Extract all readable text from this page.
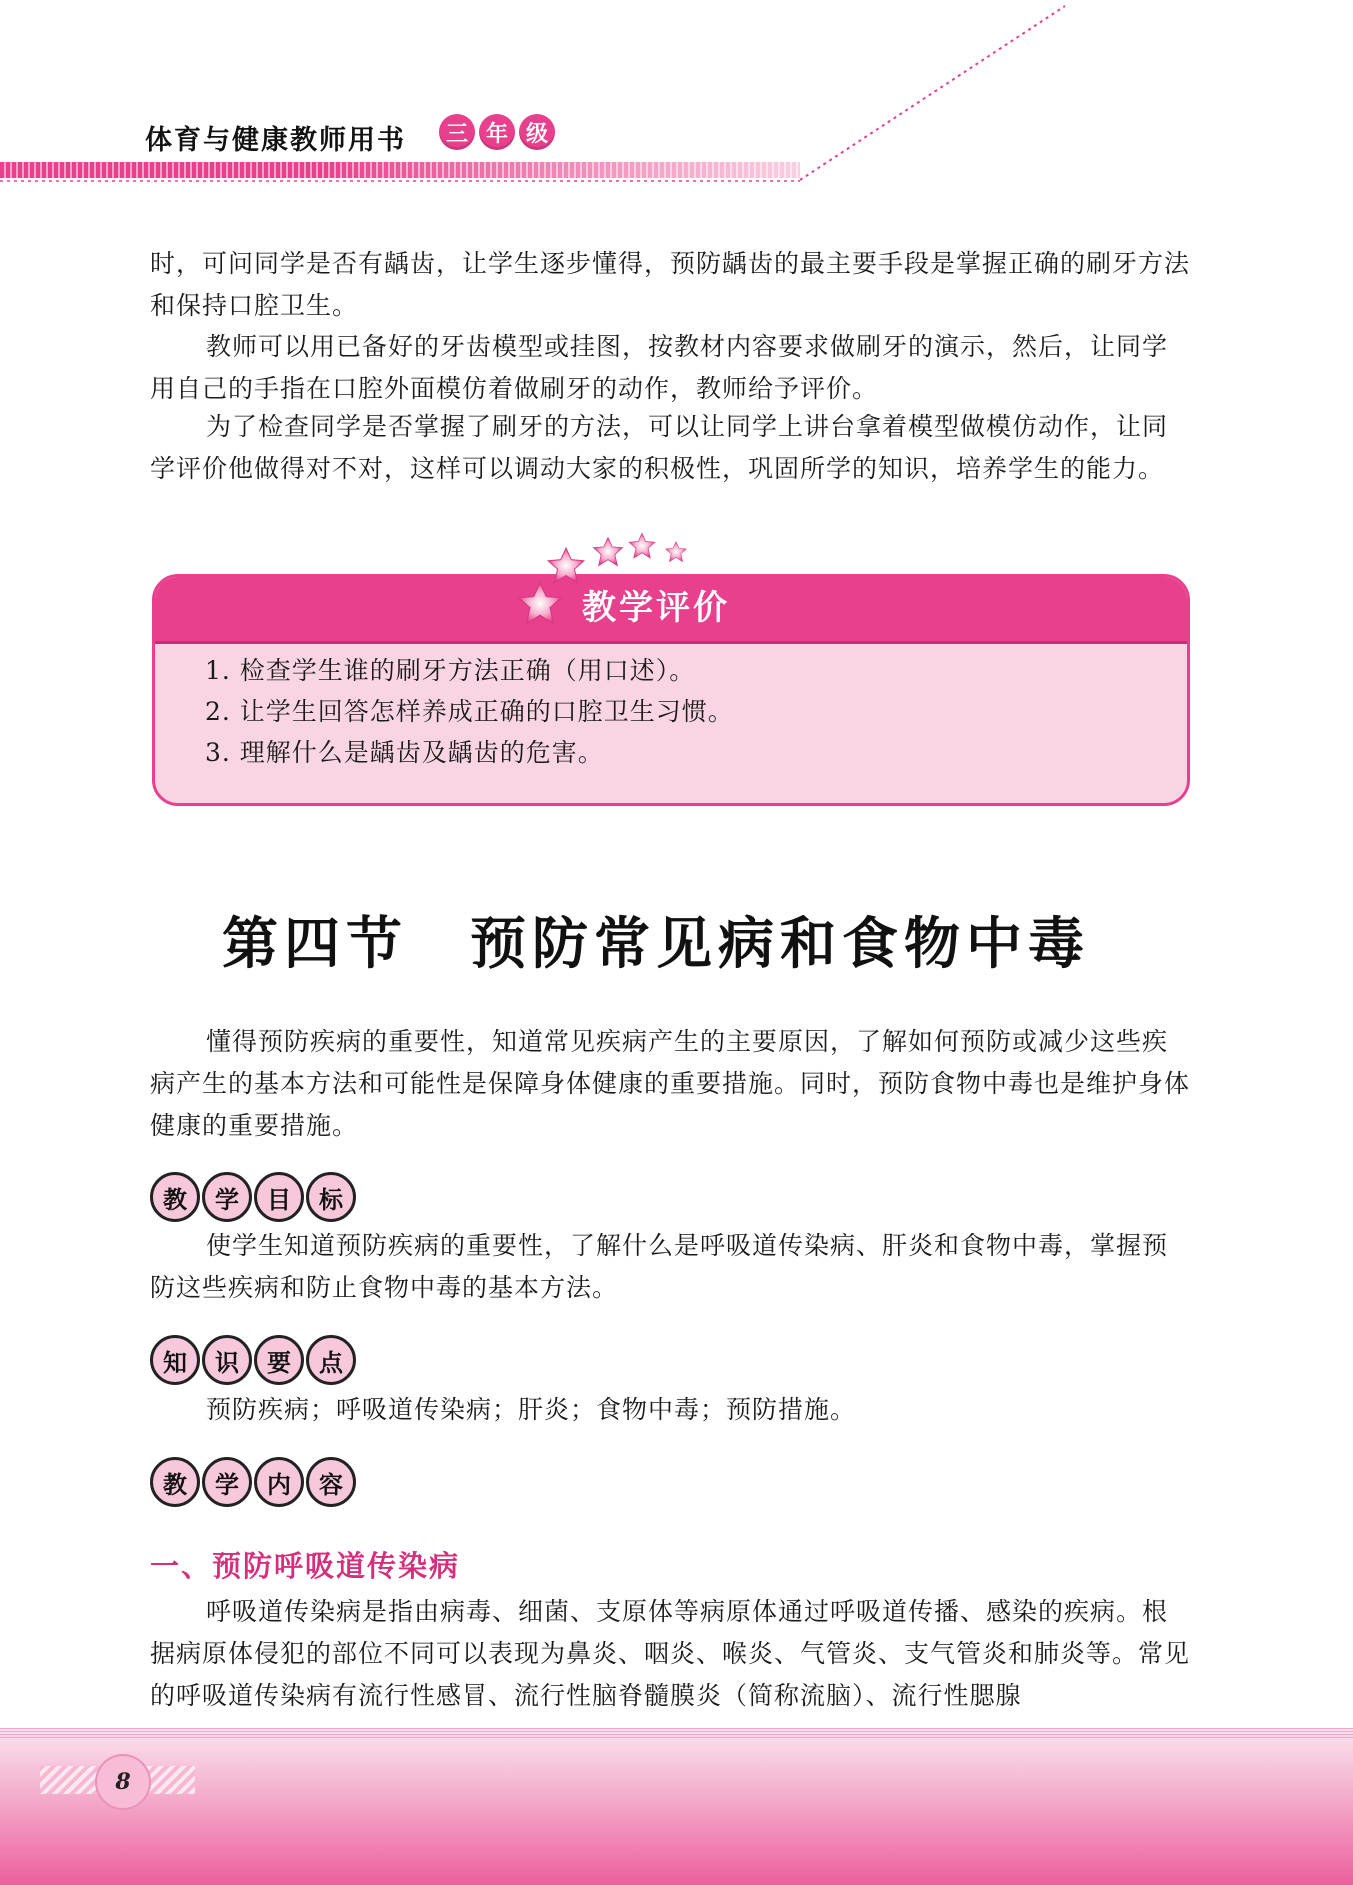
体育与健康教师用书	三 年 级
时，可问同学是否有龋齿，让学生逐步懂得，预防龋齿的最主要手段是掌握正确的刷牙方法和保持口腔卫生。
教师可以用已备好的牙齿模型或挂图，按教材内容要求做刷牙的演示，然后，让同学用自己的手指在口腔外面模仿着做刷牙的动作，教师给予评价。
为了检查同学是否掌握了刷牙的方法，可以让同学上讲台拿着模型做模仿动作，让同学评价他做得对不对，这样可以调动大家的积极性，巩固所学的知识，培养学生的能力。
教学评价
1. 检查学生谁的刷牙方法正确（用口述）。
2. 让学生回答怎样养成正确的口腔卫生习惯。
3. 理解什么是龋齿及龋齿的危害。
第四节 预防常见病和食物中毒
懂得预防疾病的重要性，知道常见疾病产生的主要原因，了解如何预防或减少这些疾病产生的基本方法和可能性是保障身体健康的重要措施。同时，预防食物中毒也是维护身体健康的重要措施。
教	学	目	标
使学生知道预防疾病的重要性，了解什么是呼吸道传染病、肝炎和食物中毒，掌握预防这些疾病和防止食物中毒的基本方法。
知	识	要	点
预防疾病；呼吸道传染病；肝炎；食物中毒；预防措施。
教	学	内	容
一、预防呼吸道传染病
呼吸道传染病是指由病毒、细菌、支原体等病原体通过呼吸道传播、感染的疾病。根据病原体侵犯的部位不同可以表现为鼻炎、咽炎、喉炎、气管炎、支气管炎和肺炎等。常见的呼吸道传染病有流行性感冒、流行性脑脊髓膜炎（简称流脑）、流行性腮腺
8
